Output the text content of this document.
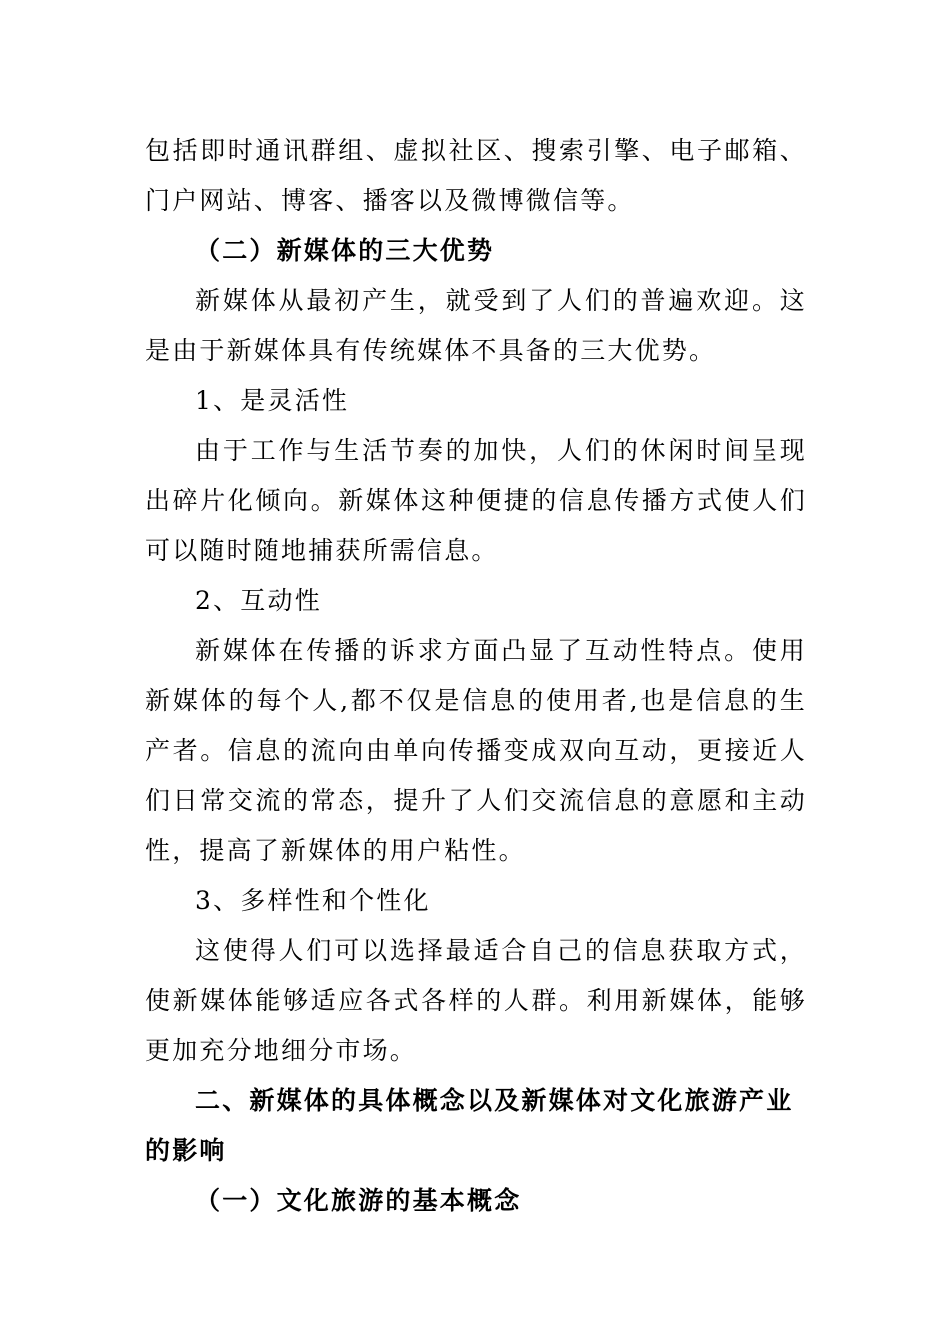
包括即时通讯群组、虚拟社区、搜索引擎、电子邮箱、门户网站、博客、播客以及微博微信等。

（二）新媒体的三大优势

新媒体从最初产生，就受到了人们的普遍欢迎。这是由于新媒体具有传统媒体不具备的三大优势。

1、是灵活性

由于工作与生活节奏的加快，人们的休闲时间呈现出碎片化倾向。新媒体这种便捷的信息传播方式使人们可以随时随地捕获所需信息。

2、互动性

新媒体在传播的诉求方面凸显了互动性特点。使用新媒体的每个人,都不仅是信息的使用者,也是信息的生产者。信息的流向由单向传播变成双向互动，更接近人们日常交流的常态，提升了人们交流信息的意愿和主动性，提高了新媒体的用户粘性。

3、多样性和个性化

这使得人们可以选择最适合自己的信息获取方式，使新媒体能够适应各式各样的人群。利用新媒体，能够更加充分地细分市场。

二、新媒体的具体概念以及新媒体对文化旅游产业的影响

（一）文化旅游的基本概念
